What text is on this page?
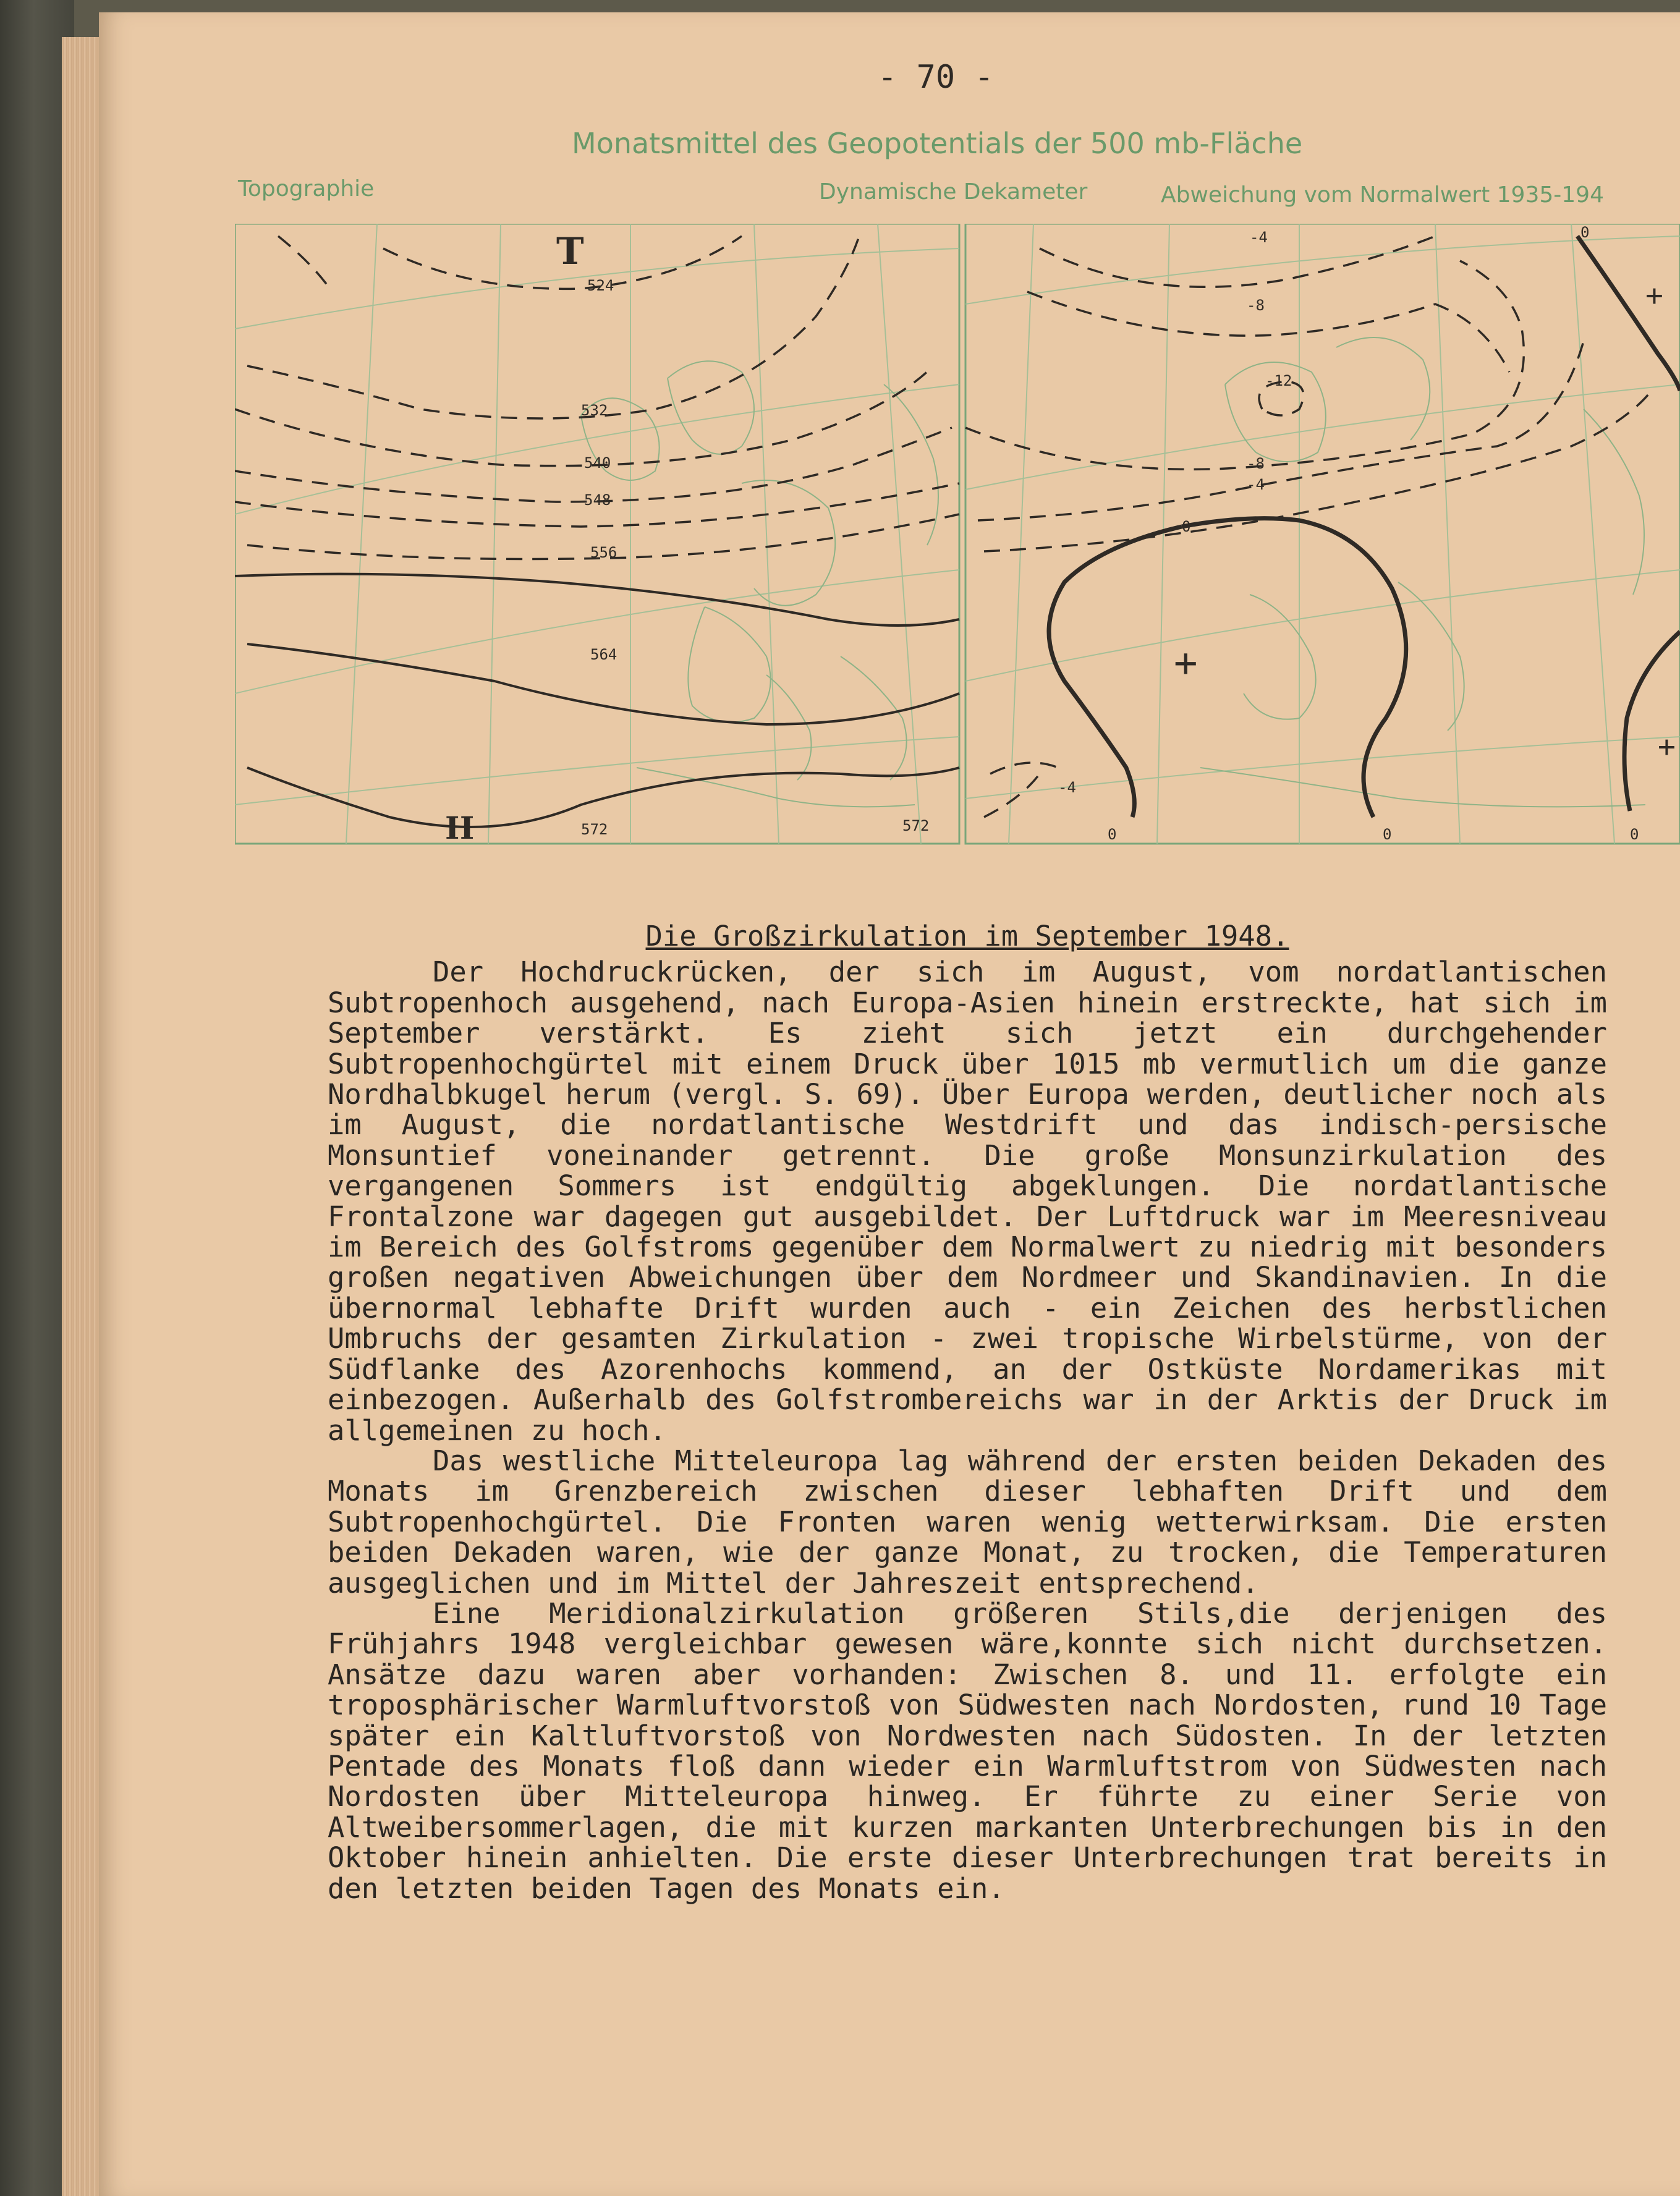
- 70 -
Monatsmittel des Geopotentials der 500 mb-Fläche
Topographie	Dynamische Dekameter	Abweichung vom Normalwert 1935-194
524
532
540
548
556
564
572	572
T
H
-4
-8
-12
-8
-4
0
+
-4
0	0	0
0
+
+
Die Großzirkulation im September 1948.

Der Hochdruckrücken, der sich im August, vom nordatlantischen Subtropenhoch ausgehend, nach Europa-Asien hinein erstreckte, hat sich im September verstärkt. Es zieht sich jetzt ein durchgehender Subtropenhochgürtel mit einem Druck über 1015 mb vermutlich um die ganze Nordhalbkugel herum (vergl. S. 69). Über Europa werden, deutlicher noch als im August, die nordatlantische Westdrift und das indisch-persische Monsuntief voneinander getrennt. Die große Monsunzirkulation des vergangenen Sommers ist endgültig abgeklungen. Die nordatlantische Frontalzone war dagegen gut ausgebildet. Der Luftdruck war im Meeresniveau im Bereich des Golfstroms gegenüber dem Normalwert zu niedrig mit besonders großen negativen Abweichungen über dem Nordmeer und Skandinavien. In die übernormal lebhafte Drift wurden auch - ein Zeichen des herbstlichen Umbruchs der gesamten Zirkulation - zwei tropische Wirbelstürme, von der Südflanke des Azorenhochs kommend, an der Ostküste Nordamerikas mit einbezogen. Außerhalb des Golfstrombereichs war in der Arktis der Druck im allgemeinen zu hoch.

Das westliche Mitteleuropa lag während der ersten beiden Dekaden des Monats im Grenzbereich zwischen dieser lebhaften Drift und dem Subtropenhochgürtel. Die Fronten waren wenig wetterwirksam. Die ersten beiden Dekaden waren, wie der ganze Monat, zu trocken, die Temperaturen ausgeglichen und im Mittel der Jahreszeit entsprechend.

Eine Meridionalzirkulation größeren Stils,die derjenigen des Frühjahrs 1948 vergleichbar gewesen wäre,konnte sich nicht durchsetzen. Ansätze dazu waren aber vorhanden: Zwischen 8. und 11. erfolgte ein troposphärischer Warmluftvorstoß von Südwesten nach Nordosten, rund 10 Tage später ein Kaltluftvorstoß von Nordwesten nach Südosten. In der letzten Pentade des Monats floß dann wieder ein Warmluftstrom von Südwesten nach Nordosten über Mitteleuropa hinweg. Er führte zu einer Serie von Altweibersommerlagen, die mit kurzen markanten Unterbrechungen bis in den Oktober hinein anhielten. Die erste dieser Unterbrechungen trat bereits in den letzten beiden Tagen des Monats ein.
